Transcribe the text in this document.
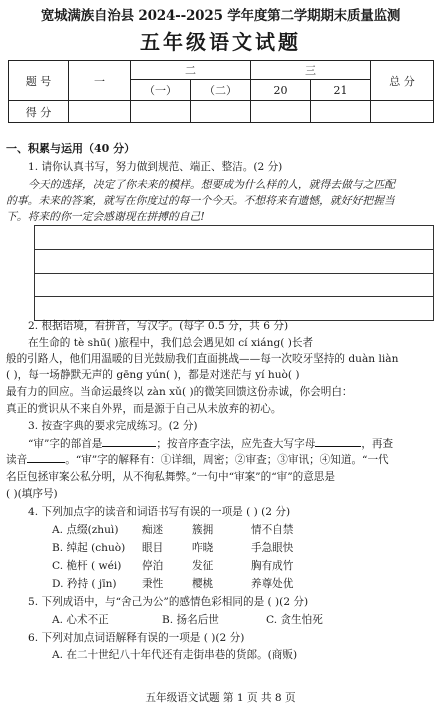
宽城满族自治县 2024--2025 学年度第二学期期末质量监测
五年级语文试题
题 号	一	二		三		总 分
		（一）	（二）	20	21	
得 分						
一、积累与运用（40 分）
1. 请你认真书写，努力做到规范、端正、整洁。(2 分)
今天的选择，决定了你未来的模样。想要成为什么样的人，就得去做与之匹配
的事。未来的答案，就写在你度过的每一个今天。不想将来有遗憾，就好好把握当
下。将来的你一定会感谢现在拼搏的自己!
2. 根据语境，看拼音，写汉字。(每字 0.5 分，共 6 分)
在生命的 tè shū( )旅程中，我们总会遇见如 cí xiáng( )长者
般的引路人，他们用温暖的目光鼓励我们直面挑战——每一次咬牙坚持的 duàn liàn
( )，每一场静默无声的 gēng yún( )，都是对迷茫与 yí huò( )
最有力的回应。当命运最终以 zàn xǔ( )的微笑回馈这份赤诚，你会明白：
真正的赏识从不来自外界，而是源于自己从未放弃的初心。
3. 按查字典的要求完成练习。(2 分)
“审”字的部首是	；按音序查字法，应先查大写字母	，再查
读音	。“审”字的解释有：①详细，周密；②审查；③审讯；④知道。“一代
名臣包拯审案公私分明，从不徇私舞弊。”一句中“审案”的“审”的意思是
( )(填序号)
4. 下列加点字的读音和词语书写有误的一项是 ( ) (2 分)
A. 点缀(zhuì) 痴迷	簇拥	情不自禁
B. 绰起 (chuò) 眼目	咋晓	手急眼快
C. 桅杆 ( wéi) 停泊	发征	胸有成竹
D. 矜持 ( jīn) 秉性	樱桃	养尊处优
5. 下列成语中，与“舍己为公”的感情色彩相同的是 ( )(2 分)
A. 心术不正	B. 扬名后世	C. 贪生怕死
6. 下列对加点词语解释有误的一项是 ( )(2 分)
A. 在二十世纪八十年代还有走街串巷的货郎。(商贩)
五年级语文试题 第 1 页 共 8 页
